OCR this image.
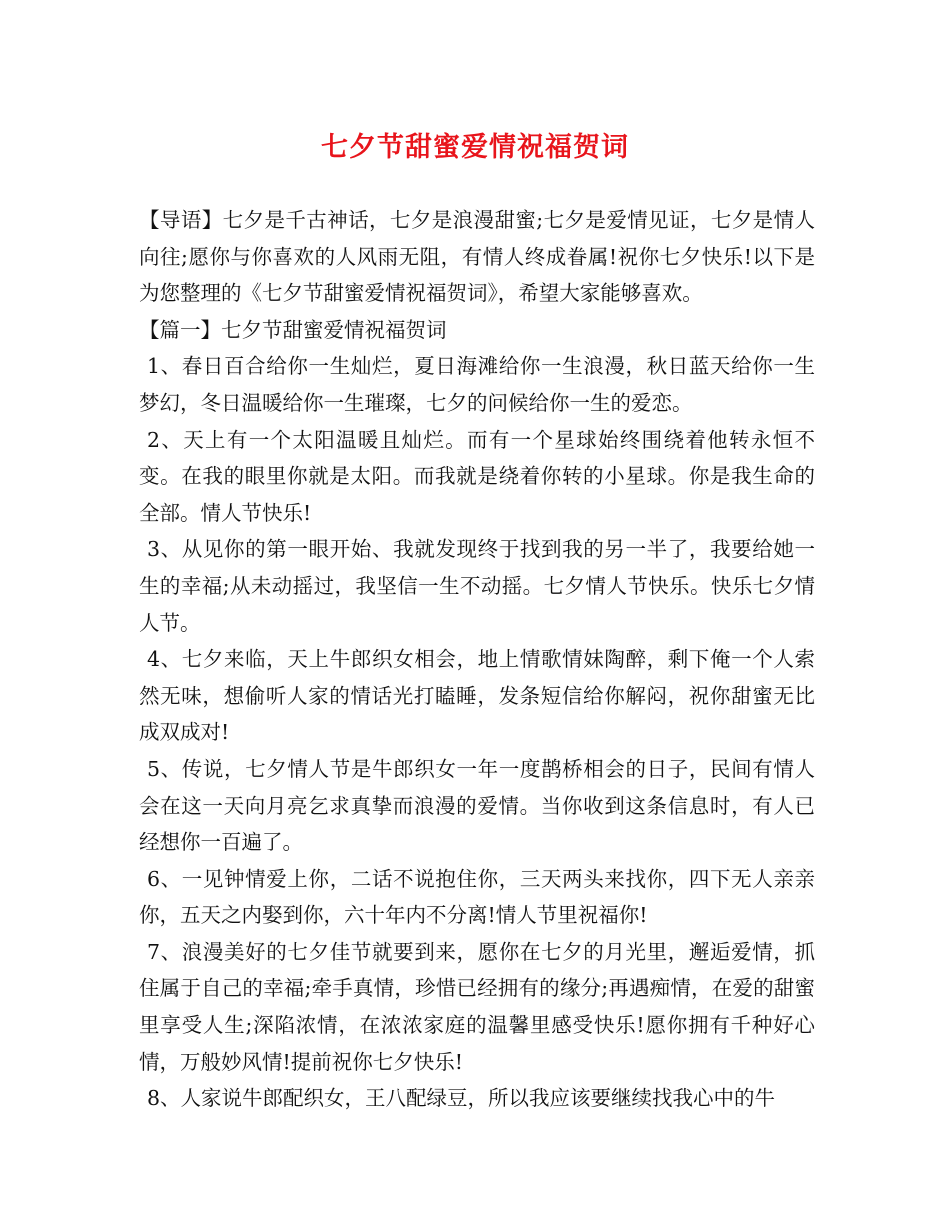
七夕节甜蜜爱情祝福贺词

【导语】七夕是千古神话，七夕是浪漫甜蜜;七夕是爱情见证，七夕是情人向往;愿你与你喜欢的人风雨无阻，有情人终成眷属!祝你七夕快乐!以下是为您整理的《七夕节甜蜜爱情祝福贺词》，希望大家能够喜欢。

【篇一】七夕节甜蜜爱情祝福贺词

1、春日百合给你一生灿烂，夏日海滩给你一生浪漫，秋日蓝天给你一生梦幻，冬日温暖给你一生璀璨，七夕的问候给你一生的爱恋。

2、天上有一个太阳温暖且灿烂。而有一个星球始终围绕着他转永恒不变。在我的眼里你就是太阳。而我就是绕着你转的小星球。你是我生命的全部。情人节快乐!

3、从见你的第一眼开始、我就发现终于找到我的另一半了，我要给她一生的幸福;从未动摇过，我坚信一生不动摇。七夕情人节快乐。快乐七夕情人节。

4、七夕来临，天上牛郎织女相会，地上情歌情妹陶醉，剩下俺一个人索然无味，想偷听人家的情话光打瞌睡，发条短信给你解闷，祝你甜蜜无比成双成对!

5、传说，七夕情人节是牛郎织女一年一度鹊桥相会的日子，民间有情人会在这一天向月亮乞求真挚而浪漫的爱情。当你收到这条信息时，有人已经想你一百遍了。

6、一见钟情爱上你，二话不说抱住你，三天两头来找你，四下无人亲亲你，五天之内娶到你，六十年内不分离!情人节里祝福你!

7、浪漫美好的七夕佳节就要到来，愿你在七夕的月光里，邂逅爱情，抓住属于自己的幸福;牵手真情，珍惜已经拥有的缘分;再遇痴情，在爱的甜蜜里享受人生;深陷浓情，在浓浓家庭的温馨里感受快乐!愿你拥有千种好心情，万般妙风情!提前祝你七夕快乐!

8、人家说牛郎配织女，王八配绿豆，所以我应该要继续找我心中的牛
